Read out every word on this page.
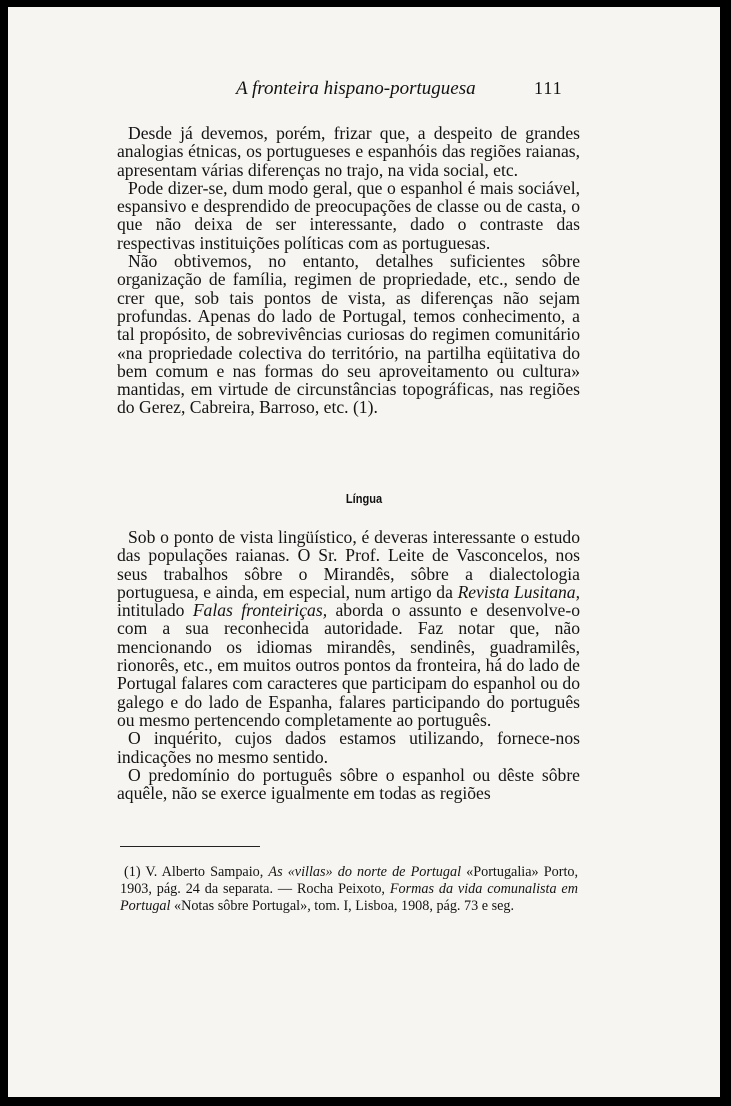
A fronteira hispano-portuguesa	111

Desde já devemos, porém, frizar que, a despeito de grandes analogias étnicas, os portugueses e espanhóis das regiões raianas, apresentam várias diferenças no trajo, na vida social, etc.

Pode dizer-se, dum modo geral, que o espanhol é mais sociável, espansivo e desprendido de preocupações de classe ou de casta, o que não deixa de ser interessante, dado o contraste das respectivas instituições políticas com as portuguesas.

Não obtivemos, no entanto, detalhes suficientes sôbre organização de família, regimen de propriedade, etc., sendo de crer que, sob tais pontos de vista, as diferenças não sejam profundas. Apenas do lado de Portugal, temos conhecimento, a tal propósito, de sobrevivências curiosas do regimen comunitário «na propriedade colectiva do território, na partilha eqüitativa do bem comum e nas formas do seu aproveitamento ou cultura» mantidas, em virtude de circunstâncias topográficas, nas regiões do Gerez, Cabreira, Barroso, etc. (1).

Língua

Sob o ponto de vista lingüístico, é deveras interessante o estudo das populações raianas. O Sr. Prof. Leite de Vasconcelos, nos seus trabalhos sôbre o Mirandês, sôbre a dialectologia portuguesa, e ainda, em especial, num artigo da Revista Lusitana, intitulado Falas fronteiriças, aborda o assunto e desenvolve-o com a sua reconhecida autoridade. Faz notar que, não mencionando os idiomas mirandês, sendinês, guadramilês, rionorês, etc., em muitos outros pontos da fronteira, há do lado de Portugal falares com caracteres que participam do espanhol ou do galego e do lado de Espanha, falares participando do português ou mesmo pertencendo completamente ao português.

O inquérito, cujos dados estamos utilizando, fornece-nos indicações no mesmo sentido.

O predomínio do português sôbre o espanhol ou dêste sôbre aquêle, não se exerce igualmente em todas as regiões

(1) V. Alberto Sampaio, As «villas» do norte de Portugal «Portugalia» Porto, 1903, pág. 24 da separata. — Rocha Peixoto, Formas da vida comunalista em Portugal «Notas sôbre Portugal», tom. I, Lisboa, 1908, pág. 73 e seg.
